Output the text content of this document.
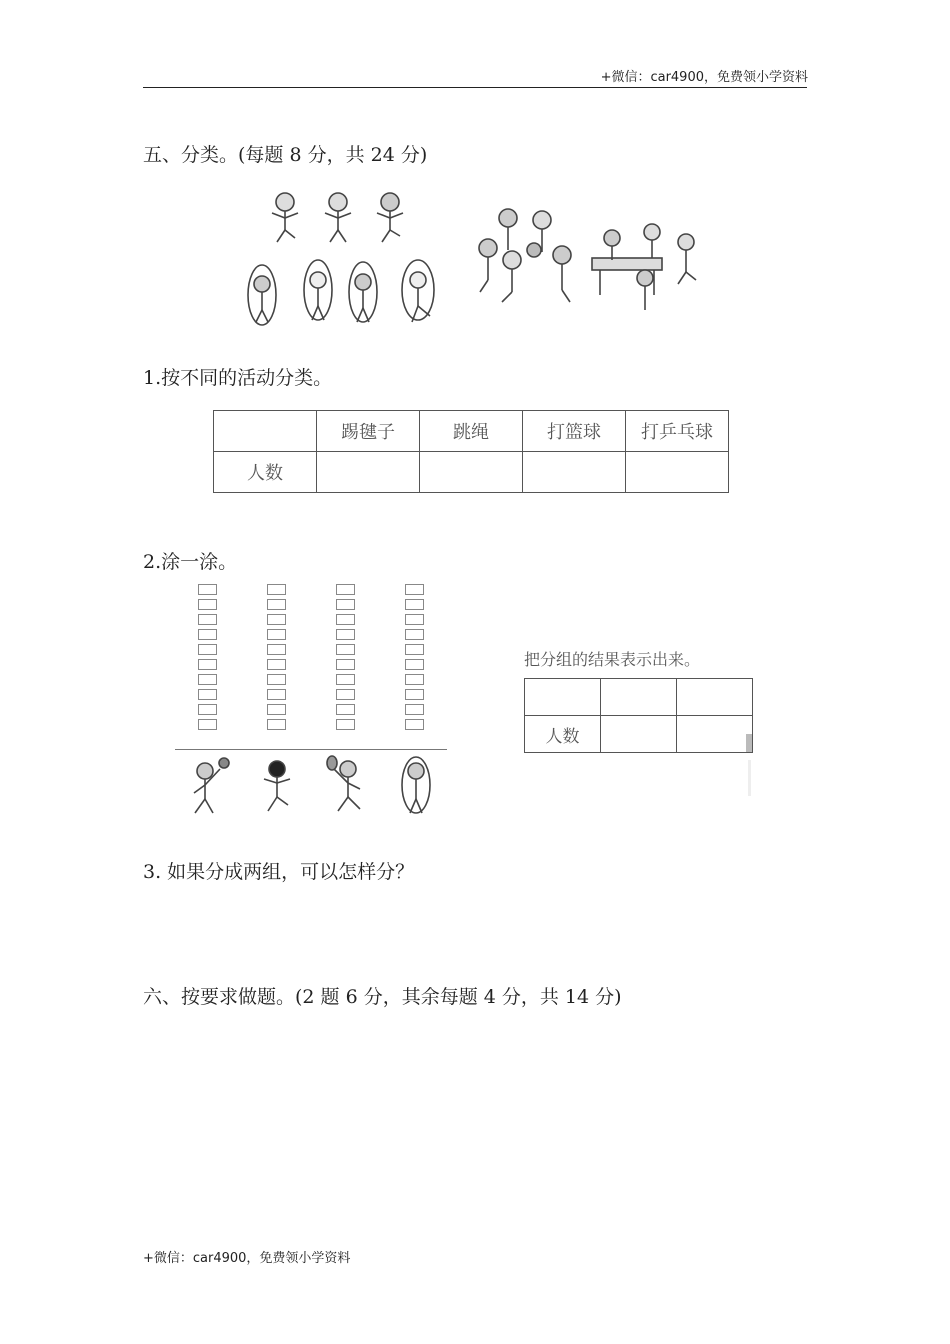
+微信：car4900，免费领小学资料
五、分类。(每题 8 分，共 24 分)
1.按不同的活动分类。
	踢毽子	跳绳	打篮球	打乒乓球
人数				
2.涂一涂。
把分组的结果表示出来。

人数		
3. 如果分成两组，可以怎样分？
六、按要求做题。(2 题 6 分，其余每题 4 分，共 14 分)
+微信：car4900，免费领小学资料
